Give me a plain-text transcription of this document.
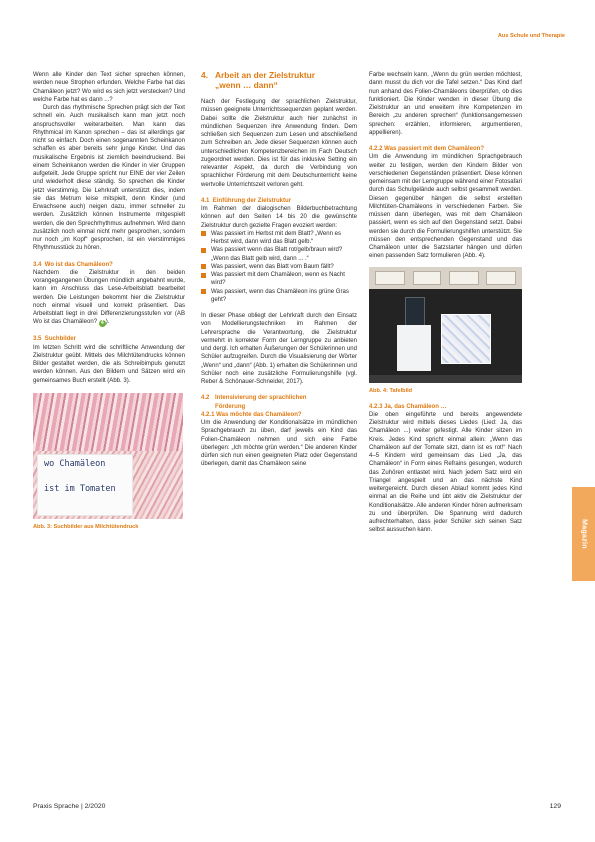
Aus Schule und Therapie

Wenn alle Kinder den Text sicher sprechen können, werden neue Strophen erfunden. Welche Farbe hat das Chamäleon jetzt? Wo wird es sich jetzt verstecken? Und welche Farbe hat es dann ...?

Durch das rhythmische Sprechen prägt sich der Text schnell ein. Auch musikalisch kann man jetzt noch anspruchsvoller weiterarbeiten. Man kann das Rhythmical im Kanon sprechen – das ist allerdings gar nicht so einfach. Doch einen sogenannten Scheinkanon schaffen es aber bereits sehr junge Kinder. Und das musikalische Ergebnis ist ziemlich beeindruckend. Bei einem Scheinkanon werden die Kinder in vier Gruppen aufgeteilt. Jede Gruppe spricht nur EINE der vier Zeilen und wiederholt diese ständig. So sprechen die Kinder jetzt vierstimmig. Die Lehrkraft unterstützt dies, indem sie das Metrum leise mitspielt, denn Kinder (und Erwachsene auch) neigen dazu, immer schneller zu werden. Zusätzlich können Instrumente mitgespielt werden, die den Sprechrhythmus aufnehmen. Wird dann zusätzlich noch einmal nicht mehr gesprochen, sondern nur noch „im Kopf“ gesprochen, ist ein vierstimmiges Rhythmusstück zu hören.

3.4 Wo ist das Chamäleon?

Nachdem die Zielstruktur in den beiden vorangegangenen Übungen mündlich angebahnt wurde, kann im Anschluss das Lese-Arbeitsblatt bearbeitet werden. Die Leistungen bekommt hier die Zielstruktur noch einmal visuell und korrekt präsentiert. Das Arbeitsblatt liegt in drei Differenzierungsstufen vor (AB Wo ist das Chamäleon? 4 ).

3.5 Suchbilder

Im letzten Schritt wird die schriftliche Anwendung der Zielstruktur geübt. Mittels des Milchtütendrucks können Bilder gestaltet werden, die als Schreibimpuls genutzt werden können. Aus den Bildern und Sätzen wird ein gemeinsames Buch erstellt (Abb. 3).

wo Chamäleon
ist im Tomaten
Abb. 3: Suchbilder aus Milchtütendruck
4. Arbeit an der Zielstruktur
„wenn … dann“

Nach der Festlegung der sprachlichen Zielstruktur, müssen geeignete Unterrichtssequenzen geplant werden. Dabei sollte die Zielstruktur auch hier zunächst in mündlichen Sequenzen ihre Anwendung finden. Dem schließen sich Sequenzen zum Lesen und abschließend zum Schreiben an. Jede dieser Sequenzen können auch unterschiedlichen Kompetenzbereichen im Fach Deutsch zugeordnet werden. Dies ist für das inklusive Setting ein relevanter Aspekt, da durch die Verbindung von sprachlicher Förderung mit dem Deutschunterricht keine wertvolle Unterrichtszeit verloren geht.

4.1 Einführung der Zielstruktur

Im Rahmen der dialogischen Bilderbuchbetrachtung können auf den Seiten 14 bis 20 die gewünschte Zielstruktur durch gezielte Fragen evoziert werden:

Was passiert im Herbst mit dem Blatt? „Wenn es Herbst wird, dann wird das Blatt gelb.“
Was passiert wenn das Blatt rot/gelb/braun wird? „Wenn das Blatt gelb wird, dann ... .“
Was passiert, wenn das Blatt vom Baum fällt?
Was passiert mit dem Chamäleon, wenn es Nacht wird?
Was passiert, wenn das Chamäleon ins grüne Gras geht?

In dieser Phase obliegt der Lehrkraft durch den Einsatz von Modellierungstechniken im Rahmen der Lehrersprache die Verantwortung, die Zielstruktur vermehrt in korrekter Form der Lerngruppe zu anbieten und dergl. Ich erhalten Äußerungen der Schülerinnen und Schüler aufzugreifen. Durch die Visualisierung der Wörter „Wenn“ und „dann“ (Abb. 1) erhalten die Schülerinnen und Schüler noch eine zusätzliche Formulierungshilfe (vgl. Reber & Schönauer-Schneider, 2017).

4.2 Intensivierung der sprachlichen
Förderung
4.2.1 Was möchte das Chamäleon?

Um die Anwendung der Konditionalsätze im mündlichen Sprachgebrauch zu üben, darf jeweils ein Kind das Folien-Chamäleon nehmen und sich eine Farbe überlegen: „Ich möchte grün werden.“ Die anderen Kinder dürfen sich nun einen geeigneten Platz oder Gegenstand überlegen, damit das Chamäleon seine

Farbe wechseln kann. „Wenn du grün werden möchtest, dann musst du dich vor die Tafel setzen.“ Das Kind darf nun anhand des Folien-Chamäleons überprüfen, ob dies funktioniert. Die Kinder wenden in dieser Übung die Zielstruktur an und erweitern ihre Kompetenzen im Bereich „zu anderen sprechen“ (funktionsangemessen sprechen: erzählen, informieren, argumentieren, appellieren).

4.2.2 Was passiert mit dem Chamäleon?

Um die Anwendung im mündlichen Sprachgebrauch weiter zu festigen, werden den Kindern Bilder von verschiedenen Gegenständen präsentiert. Diese können gemeinsam mit der Lerngruppe während einer Fotosafari durch das Schulgelände auch selbst gesammelt werden. Diesen gegenüber hängen die selbst erstellten Milchtüten-Chamäleons in verschiedenen Farben. Sie müssen dann überlegen, was mit dem Chamäleon passiert, wenn es sich auf den Gegenstand setzt. Dabei werden sie durch die Formulierungshilfen unterstützt. Sie müssen den entsprechenden Gegenstand und das Chamäleon unter die Satzstarter hängen und dürfen einen passenden Satz formulieren (Abb. 4).

Abb. 4: Tafelbild
4.2.3 Ja, das Chamäleon …

Die oben eingeführte und bereits angewendete Zielstruktur wird mittels dieses Liedes (Lied: Ja, das Chamäleon ...) weiter gefestigt. Alle Kinder sitzen im Kreis. Jedes Kind spricht einmal allein: „Wenn das Chamäleon auf der Tomate sitzt, dann ist es rot!“ Nach 4–5 Kindern wird gemeinsam das Lied „Ja, das Chamäleon“ in Form eines Refrains gesungen, wodurch das Zuhören entlastet wird. Nach jedem Satz wird ein Triangel angespielt und an das nächste Kind weitergereicht. Durch diesen Ablauf kommt jedes Kind einmal an die Reihe und übt aktiv die Zielstruktur der Konditionalsätze. Alle anderen Kinder hören aufmerksam zu und überprüfen. Die Spannung wird dadurch aufrechterhalten, dass jeder Schüler sich seinen Satz selbst aussuchen kann.	Magazin
Praxis Sprache | 2/2020	129
